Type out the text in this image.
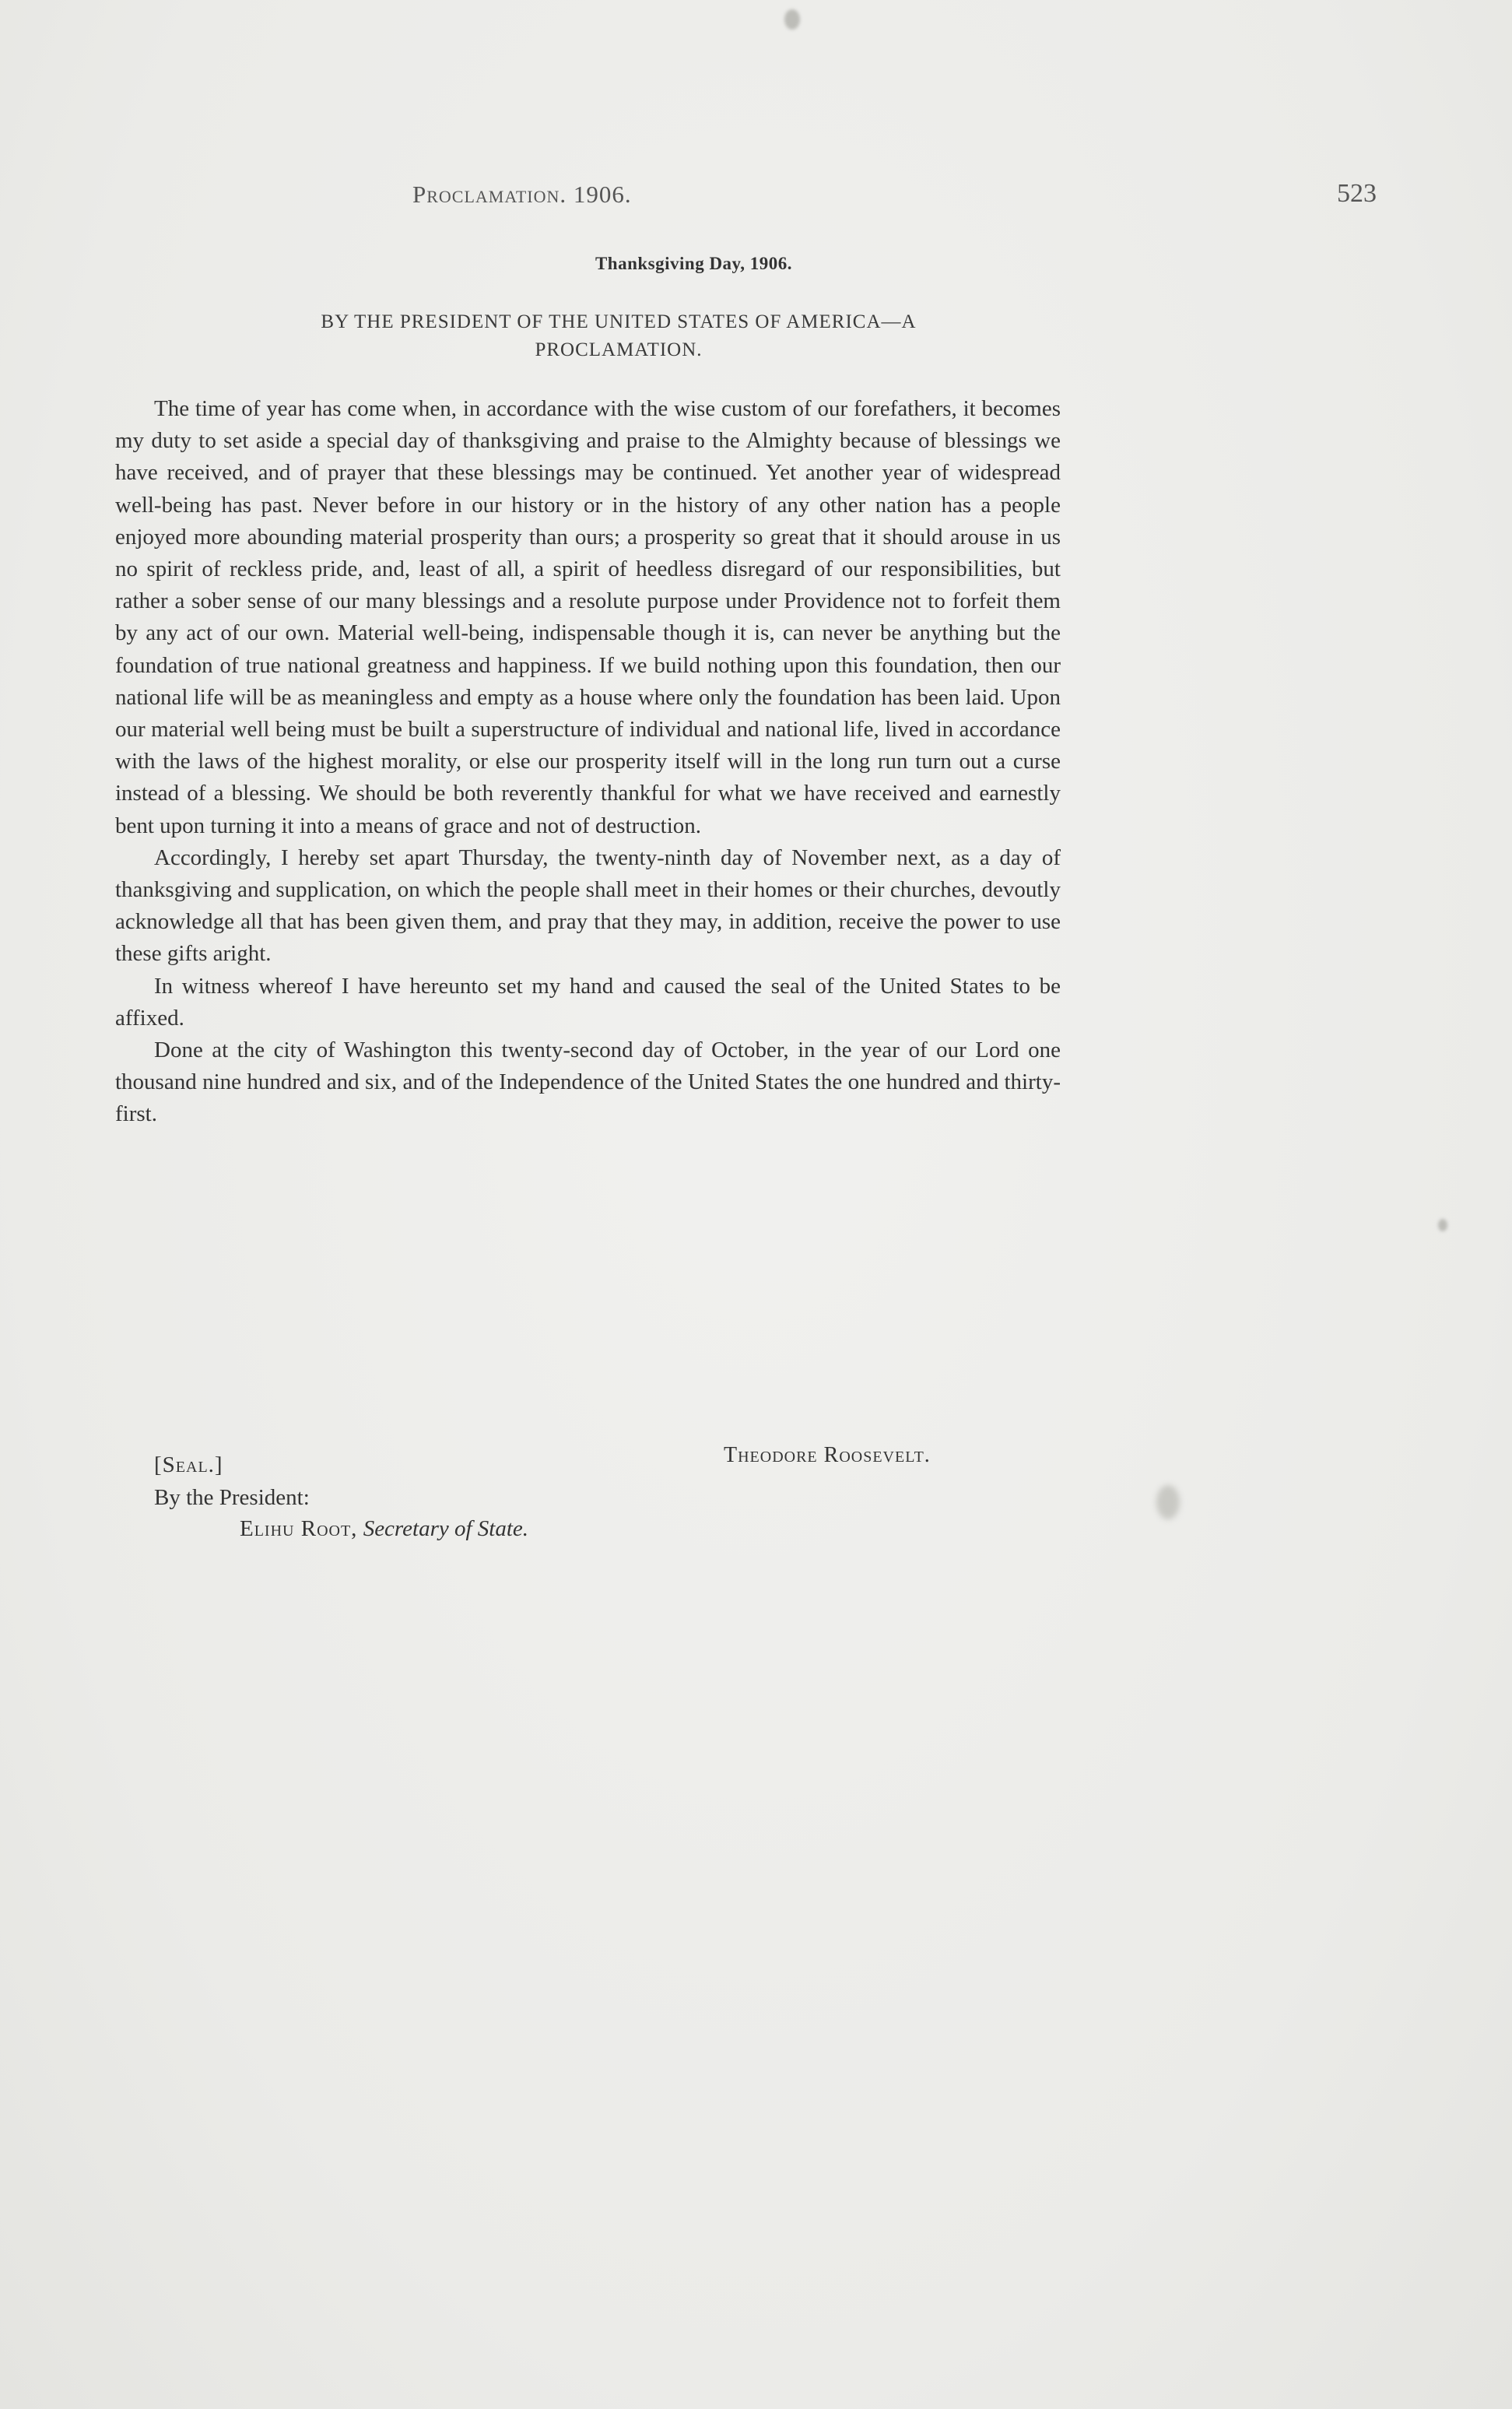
Proclamation. 1906.	523
Thanksgiving Day, 1906.
BY THE PRESIDENT OF THE UNITED STATES OF AMERICA—A
PROCLAMATION.

The time of year has come when, in accordance with the wise custom of our forefathers, it becomes my duty to set aside a special day of thanksgiving and praise to the Almighty because of blessings we have received, and of prayer that these blessings may be continued. Yet another year of widespread well-being has past. Never before in our history or in the history of any other nation has a people enjoyed more abounding material prosperity than ours; a prosperity so great that it should arouse in us no spirit of reckless pride, and, least of all, a spirit of heedless disregard of our responsibilities, but rather a sober sense of our many blessings and a resolute purpose under Providence not to forfeit them by any act of our own. Material well-being, indispensable though it is, can never be anything but the foundation of true national greatness and happiness. If we build nothing upon this foundation, then our national life will be as meaningless and empty as a house where only the foundation has been laid. Upon our material well being must be built a superstructure of individual and national life, lived in accordance with the laws of the highest morality, or else our prosperity itself will in the long run turn out a curse instead of a blessing. We should be both reverently thankful for what we have received and earnestly bent upon turning it into a means of grace and not of destruction.

Accordingly, I hereby set apart Thursday, the twenty-ninth day of November next, as a day of thanksgiving and supplication, on which the people shall meet in their homes or their churches, devoutly acknowledge all that has been given them, and pray that they may, in addition, receive the power to use these gifts aright.

In witness whereof I have hereunto set my hand and caused the seal of the United States to be affixed.

Done at the city of Washington this twenty-second day of October, in the year of our Lord one thousand nine hundred and six, and of the Independence of the United States the one hundred and thirty-first.

[Seal.]	Theodore Roosevelt.
By the President:
Elihu Root, Secretary of State.
